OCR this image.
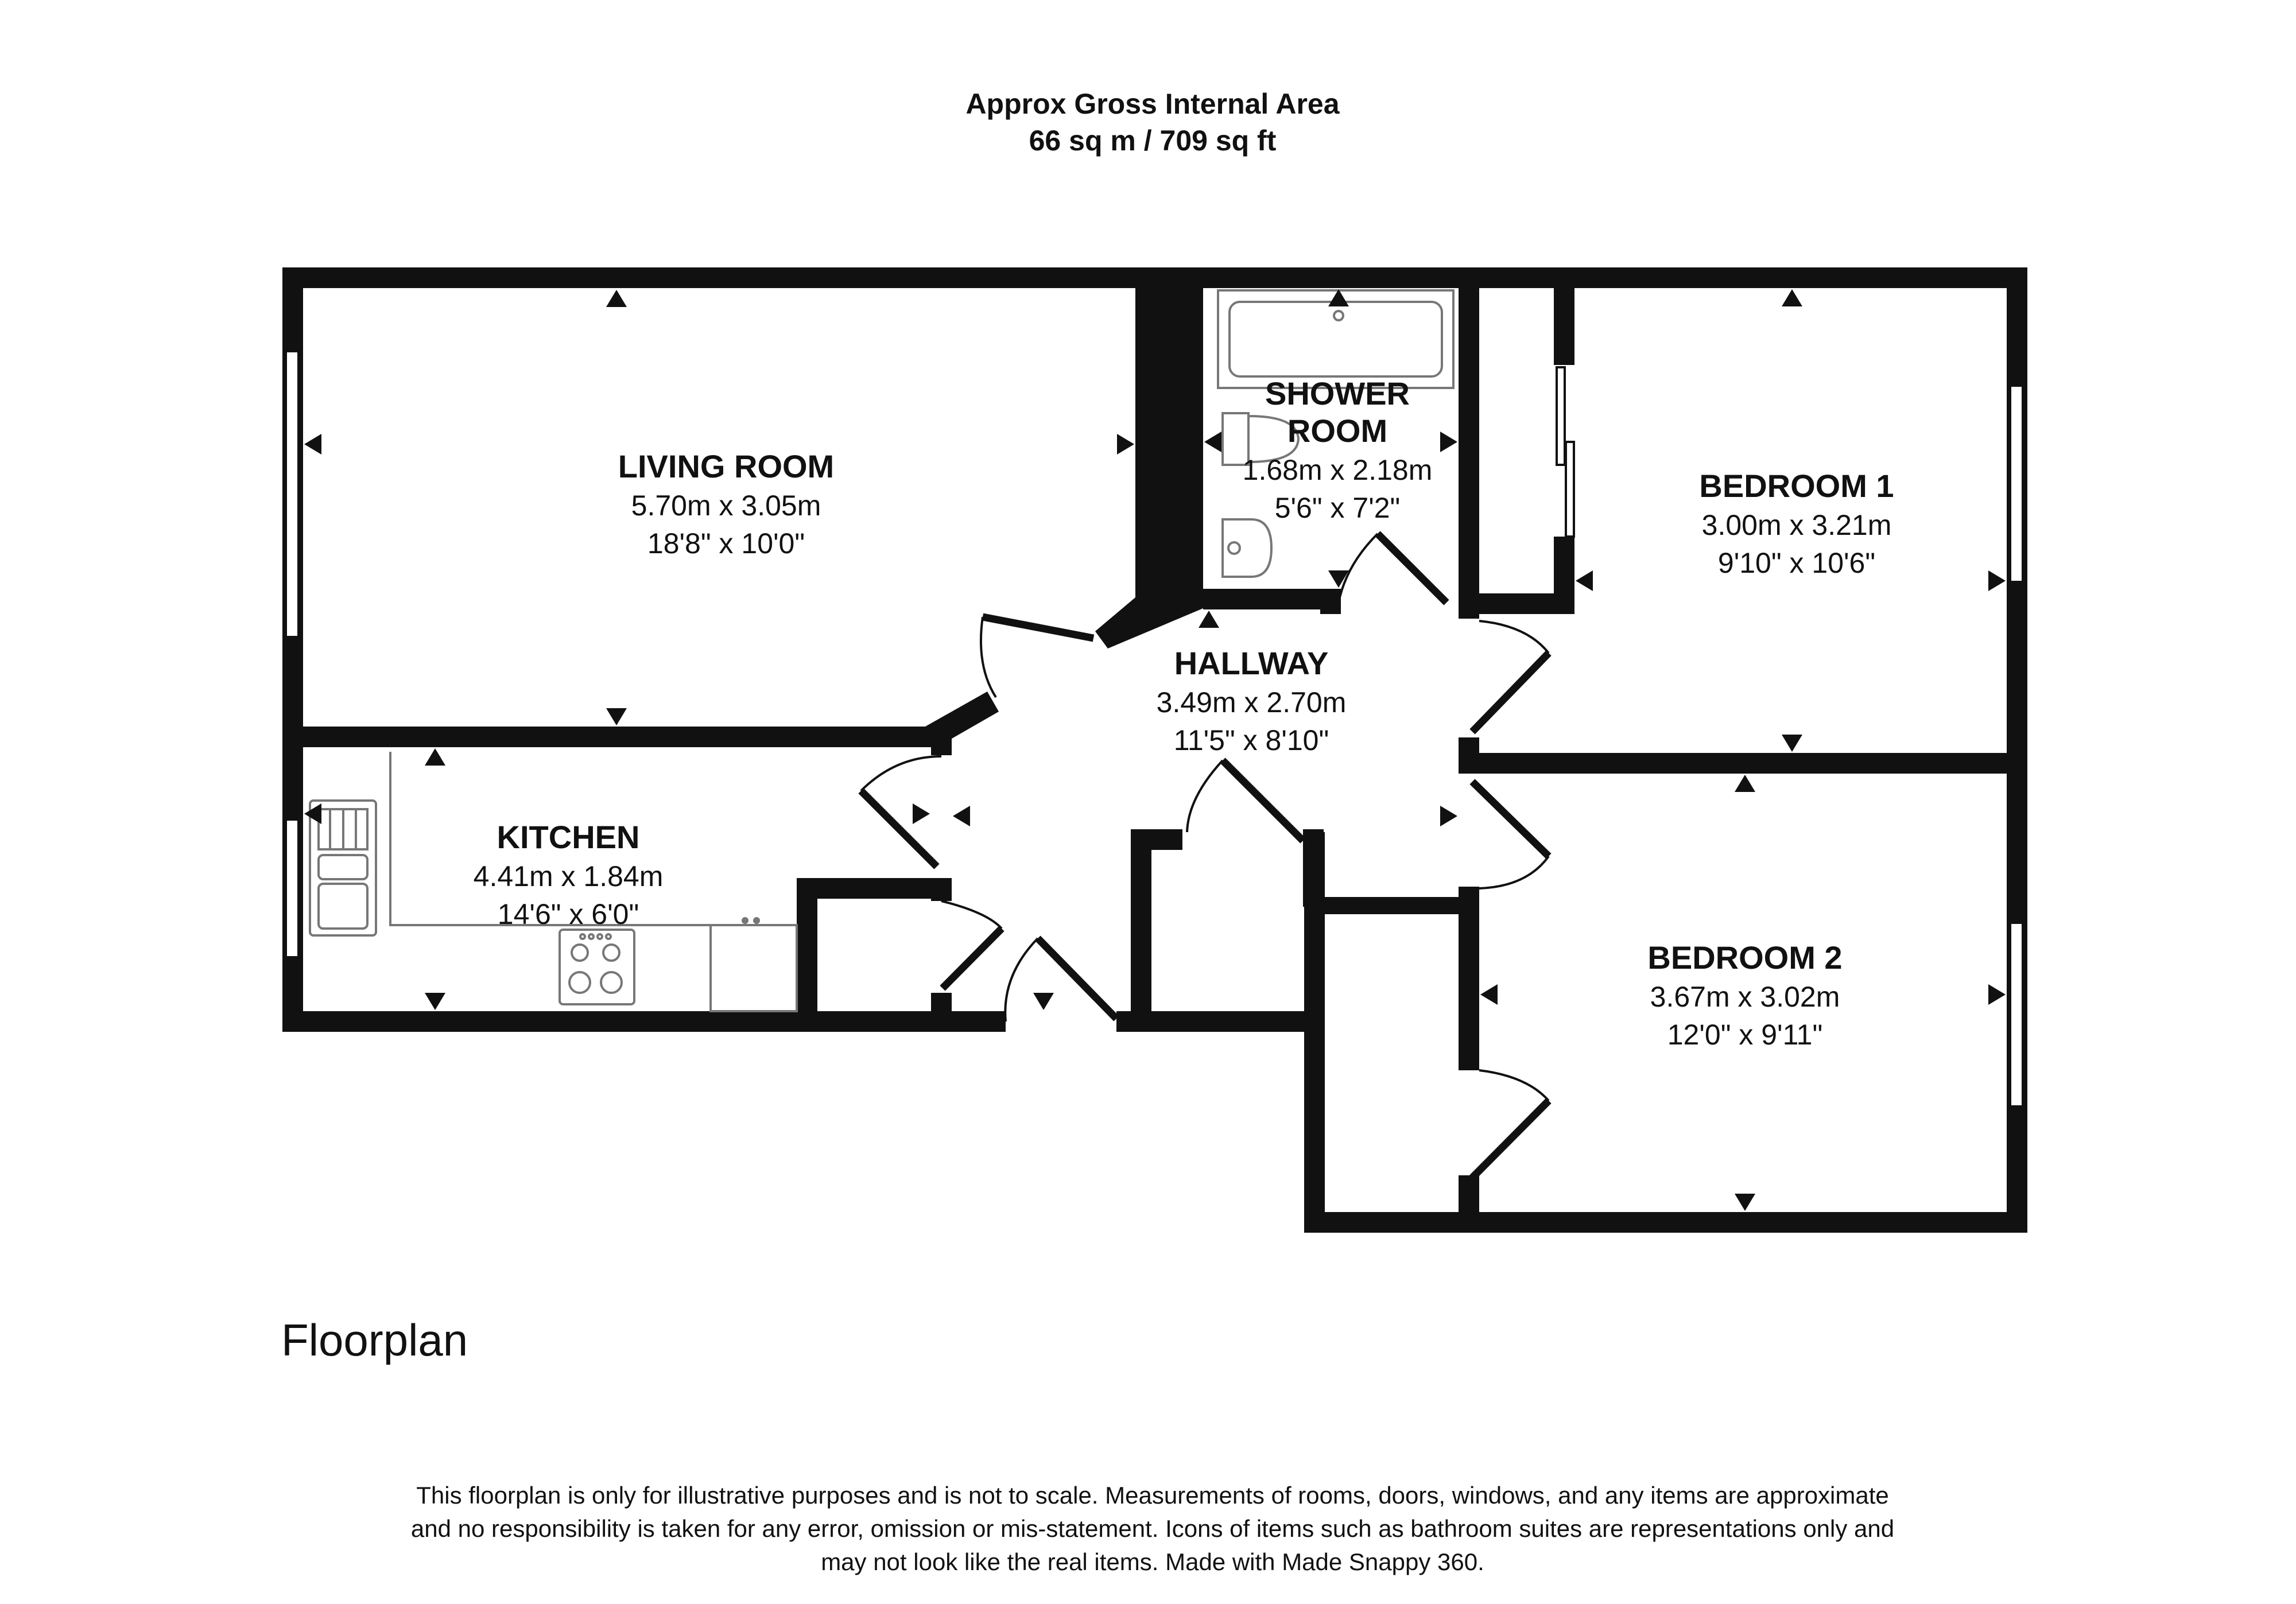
Approx Gross Internal Area
66 sq m / 709 sq ft
LIVING ROOM
5.70m x 3.05m
18'8" x 10'0"
SHOWER
ROOM
1.68m x 2.18m
5'6" x 7'2"
BEDROOM 1
3.00m x 3.21m
9'10" x 10'6"
HALLWAY
3.49m x 2.70m
11'5" x 8'10"
KITCHEN
4.41m x 1.84m
14'6" x 6'0"
BEDROOM 2
3.67m x 3.02m
12'0" x 9'11"
Floorplan
This floorplan is only for illustrative purposes and is not to scale. Measurements of rooms, doors, windows, and any items are approximate
and no responsibility is taken for any error, omission or mis-statement. Icons of items such as bathroom suites are representations only and
may not look like the real items. Made with Made Snappy 360.
